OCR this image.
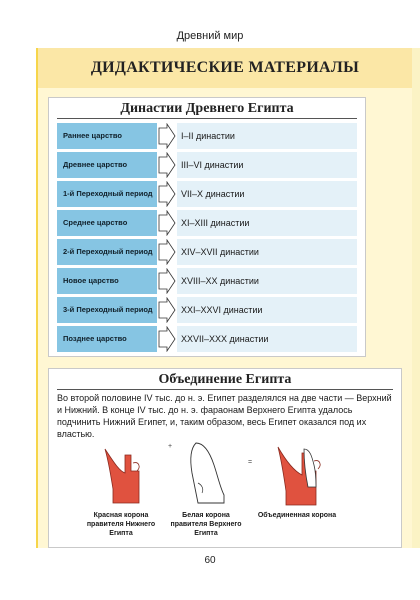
Древний мир
ДИДАКТИЧЕСКИЕ МАТЕРИАЛЫ
Династии Древнего Египта
Раннее царство	I–II династии
Древнее царство	III–VI династии
1-й Переходный период	VII–X династии
Среднее царство	XI–XIII династии
2-й Переходный период	XIV–XVII династии
Новое царство	XVIII–XX династии
3-й Переходный период	XXI–XXVI династии
Позднее царство	XXVII–XXX династии
Объединение Египта
Во второй половине IV тыс. до н. э. Египет разделялся на две части — Верхний и Нижний. В конце IV тыс. до н. э. фараонам Верхнего Египта удалось подчинить Нижний Египет, и, таким образом, весь Египет оказался под их властью.
+
=
Красная корона правителя Нижнего Египта
Белая корона правителя Верхнего Египта
Объединенная корона
60
